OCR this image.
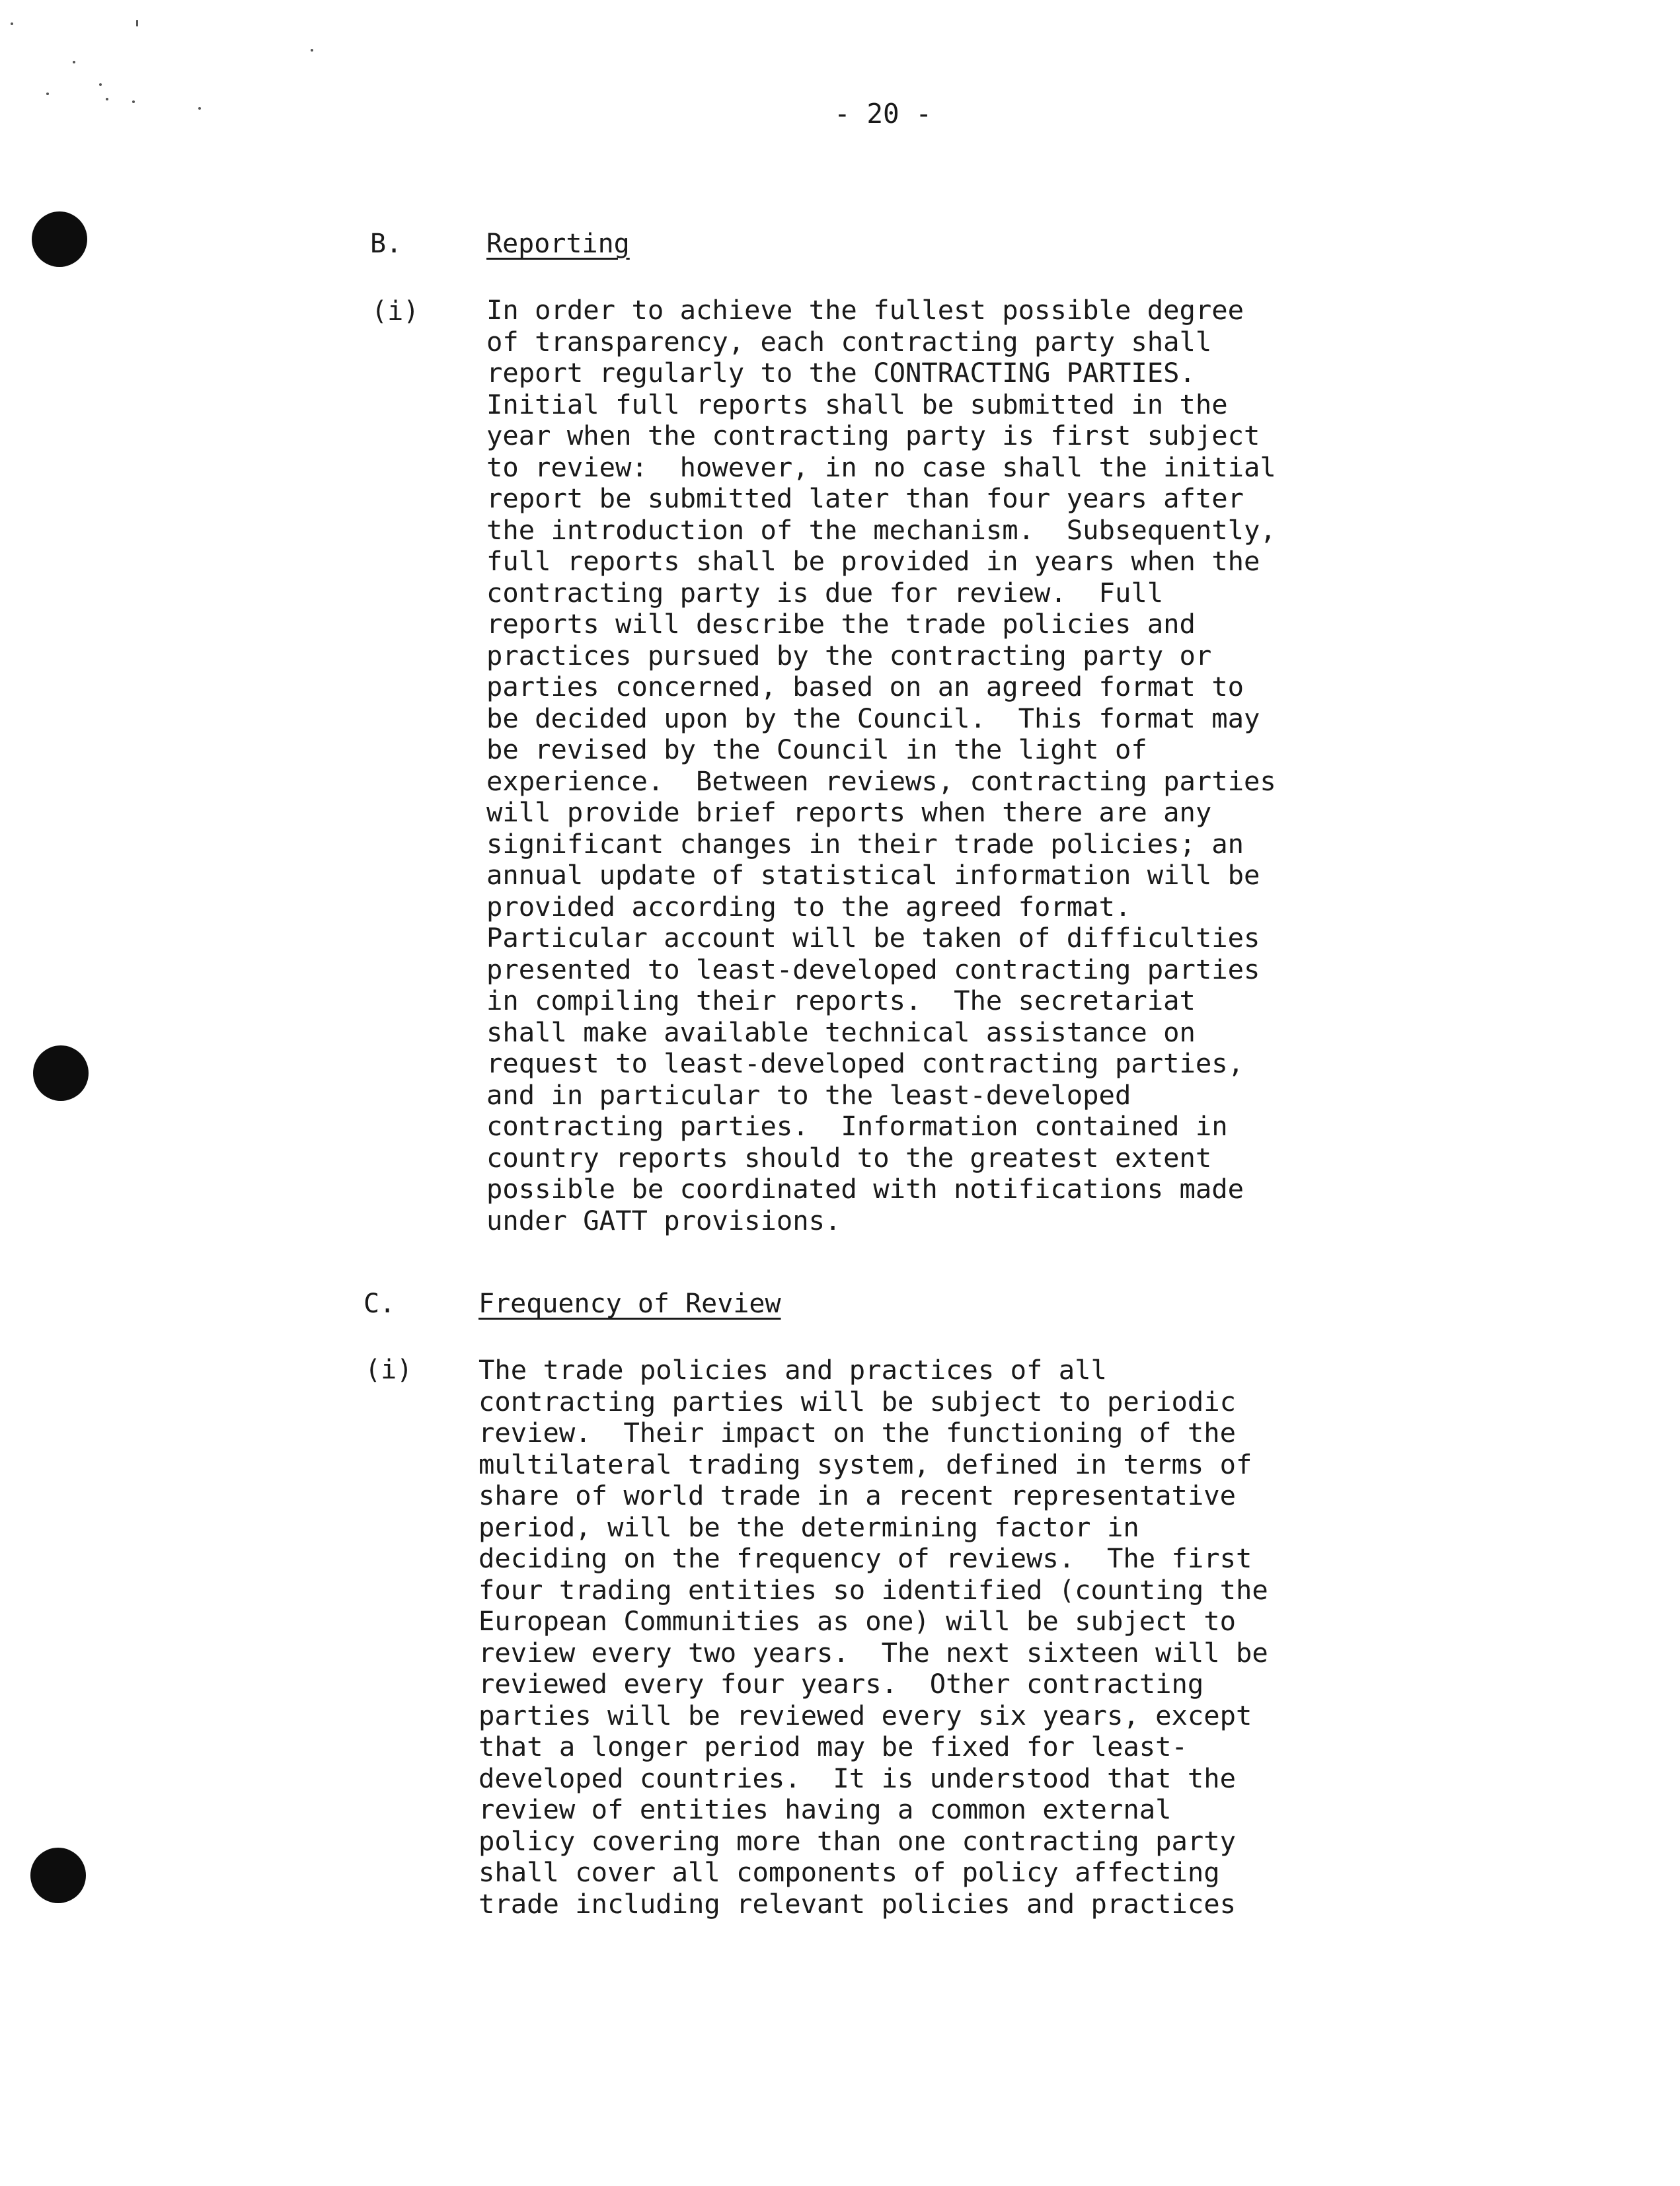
- 20 -
B.	Reporting
(i)	In order to achieve the fullest possible degree
of transparency, each contracting party shall
report regularly to the CONTRACTING PARTIES.
Initial full reports shall be submitted in the
year when the contracting party is first subject
to review:  however, in no case shall the initial
report be submitted later than four years after
the introduction of the mechanism.  Subsequently,
full reports shall be provided in years when the
contracting party is due for review.  Full
reports will describe the trade policies and
practices pursued by the contracting party or
parties concerned, based on an agreed format to
be decided upon by the Council.  This format may
be revised by the Council in the light of
experience.  Between reviews, contracting parties
will provide brief reports when there are any
significant changes in their trade policies; an
annual update of statistical information will be
provided according to the agreed format.
Particular account will be taken of difficulties
presented to least-developed contracting parties
in compiling their reports.  The secretariat
shall make available technical assistance on
request to least-developed contracting parties,
and in particular to the least-developed
contracting parties.  Information contained in
country reports should to the greatest extent
possible be coordinated with notifications made
under GATT provisions.
C.	Frequency of Review
(i) The trade policies and practices of all
contracting parties will be subject to periodic
review.  Their impact on the functioning of the
multilateral trading system, defined in terms of
share of world trade in a recent representative
period, will be the determining factor in
deciding on the frequency of reviews.  The first
four trading entities so identified (counting the
European Communities as one) will be subject to
review every two years.  The next sixteen will be
reviewed every four years.  Other contracting
parties will be reviewed every six years, except
that a longer period may be fixed for least-
developed countries.  It is understood that the
review of entities having a common external
policy covering more than one contracting party
shall cover all components of policy affecting
trade including relevant policies and practices
